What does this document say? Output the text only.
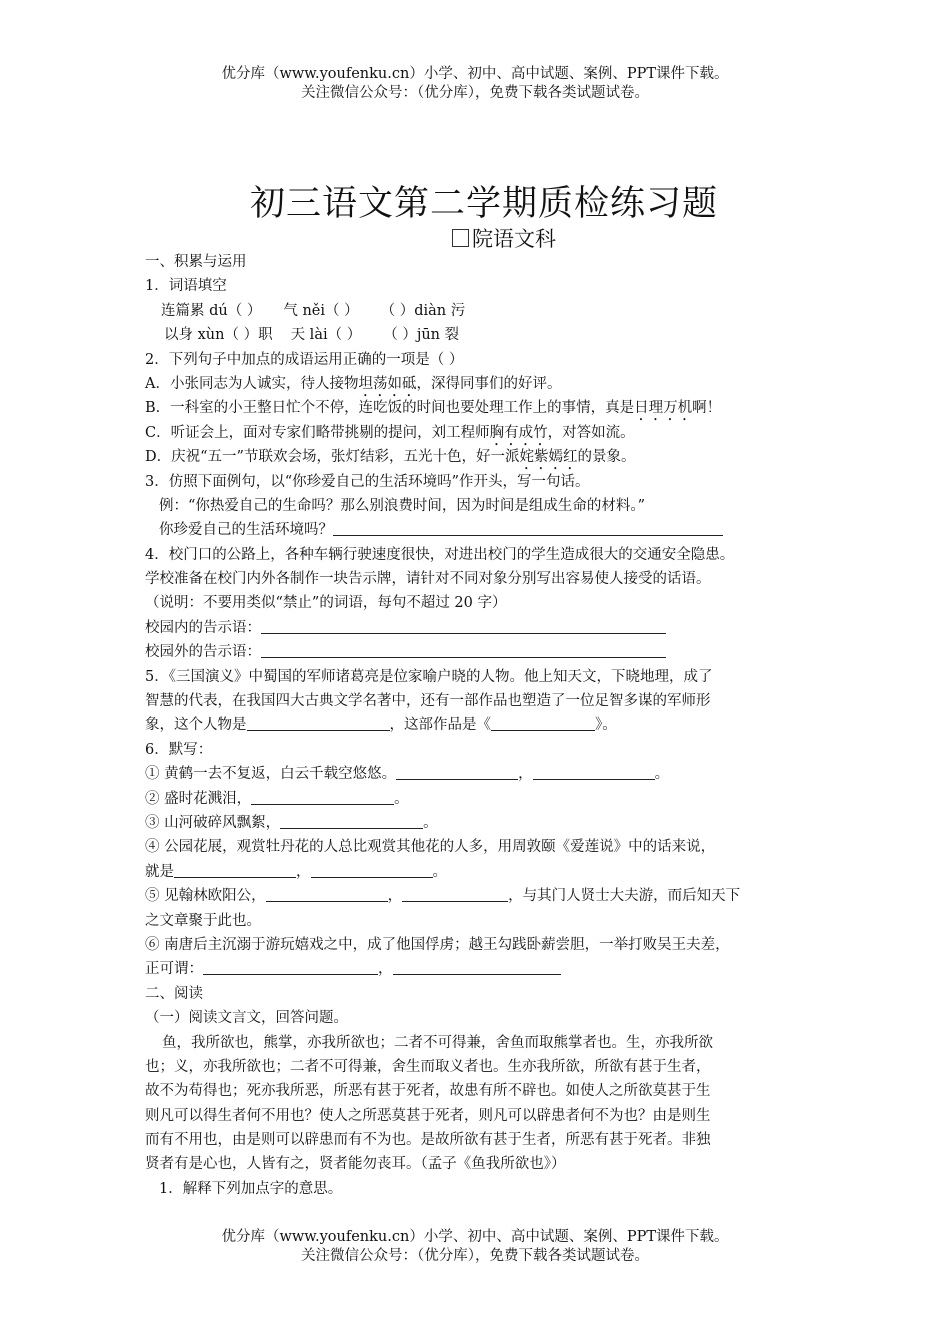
优分库（www.youfenku.cn）小学、初中、高中试题、案例、PPT课件下载。
关注微信公众号：（优分库），免费下载各类试题试卷。
初三语文第二学期质检练习题
院语文科
一、积累与运用
1．词语填空
连篇累 dú（ ） 气 něi（ ） （ ）diàn 污
以身 xùn（ ）职 天 lài（ ） （ ）jūn 裂
2．下列句子中加点的成语运用正确的一项是（ ）
A．小张同志为人诚实，待人接物坦荡如砥，深得同事们的好评。
B．一科室的小王整日忙个不停，连吃饭的时间也要处理工作上的事情，真是日理万机啊！
C．听证会上，面对专家们略带挑剔的提问，刘工程师胸有成竹，对答如流。
D．庆祝“五一”节联欢会场，张灯结彩，五光十色，好一派姹紫嫣红的景象。
3．仿照下面例句，以“你珍爱自己的生活环境吗”作开头，写一句话。
例：“你热爱自己的生命吗？那么别浪费时间，因为时间是组成生命的材料。”
你珍爱自己的生活环境吗？
4．校门口的公路上，各种车辆行驶速度很快，对进出校门的学生造成很大的交通安全隐患。
学校准备在校门内外各制作一块告示牌，请针对不同对象分别写出容易使人接受的话语。
（说明：不要用类似“禁止”的词语，每句不超过 20 字）
校园内的告示语：
校园外的告示语：
5．《三国演义》中蜀国的军师诸葛亮是位家喻户晓的人物。他上知天文，下晓地理，成了
智慧的代表，在我国四大古典文学名著中，还有一部作品也塑造了一位足智多谋的军师形
象，这个人物是	，这部作品是《	》。
6．默写：
① 黄鹤一去不复返，白云千载空悠悠。	，	。
② 盛时花溅泪，	。
③ 山河破碎风飘絮，	。
④ 公园花展，观赏牡丹花的人总比观赏其他花的人多，用周敦颐《爱莲说》中的话来说，
就是	，	。
⑤ 见翰林欧阳公，	，	，与其门人贤士大夫游，而后知天下
之文章聚于此也。
⑥ 南唐后主沉溺于游玩嬉戏之中，成了他国俘虏；越王勾践卧薪尝胆，一举打败吴王夫差，
正可谓：	，
二、阅读
（一）阅读文言文，回答问题。
鱼，我所欲也，熊掌，亦我所欲也；二者不可得兼，舍鱼而取熊掌者也。生，亦我所欲
也；义，亦我所欲也；二者不可得兼，舍生而取义者也。生亦我所欲，所欲有甚于生者，
故不为苟得也；死亦我所恶，所恶有甚于死者，故患有所不辟也。如使人之所欲莫甚于生
则凡可以得生者何不用也？使人之所恶莫甚于死者，则凡可以辟患者何不为也？由是则生
而有不用也，由是则可以辟患而有不为也。是故所欲有甚于生者，所恶有甚于死者。非独
贤者有是心也，人皆有之，贤者能勿丧耳。（孟子《鱼我所欲也》）
1．解释下列加点字的意思。
优分库（www.youfenku.cn）小学、初中、高中试题、案例、PPT课件下载。
关注微信公众号：（优分库），免费下载各类试题试卷。
